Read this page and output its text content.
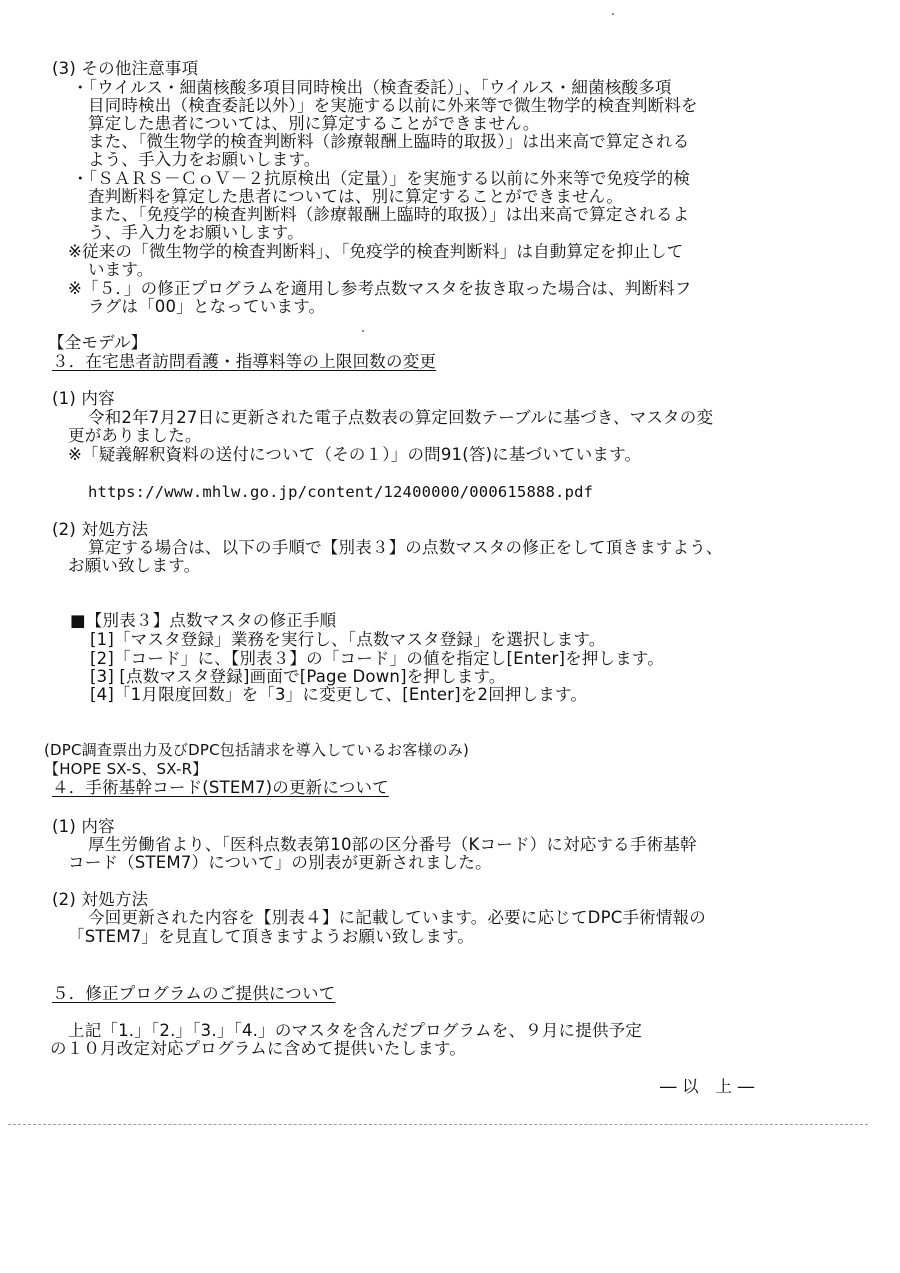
(3) その他注意事項
・「ウイルス・細菌核酸多項目同時検出（検査委託）」、「ウイルス・細菌核酸多項
目同時検出（検査委託以外）」を実施する以前に外来等で微生物学的検査判断料を
算定した患者については、別に算定することができません。
また、「微生物学的検査判断料（診療報酬上臨時的取扱）」は出来高で算定される
よう、手入力をお願いします。
・「ＳＡＲＳ－ＣｏＶ－２抗原検出（定量）」を実施する以前に外来等で免疫学的検
査判断料を算定した患者については、別に算定することができません。
また、「免疫学的検査判断料（診療報酬上臨時的取扱）」は出来高で算定されるよ
う、手入力をお願いします。
※従来の「微生物学的検査判断料」、「免疫学的検査判断料」は自動算定を抑止して
います。
※「５．」の修正プログラムを適用し参考点数マスタを抜き取った場合は、判断料フ
ラグは「00」となっています。
【全モデル】
３．在宅患者訪問看護・指導料等の上限回数の変更
(1) 内容
令和2年7月27日に更新された電子点数表の算定回数テーブルに基づき、マスタの変
更がありました。
※「疑義解釈資料の送付について（その１）」の問91(答)に基づいています。
https://www.mhlw.go.jp/content/12400000/000615888.pdf
(2) 対処方法
算定する場合は、以下の手順で【別表３】の点数マスタの修正をして頂きますよう、
お願い致します。
■【別表３】点数マスタの修正手順
[1]「マスタ登録」業務を実行し、「点数マスタ登録」を選択します。
[2]「コード」に、【別表３】の「コード」の値を指定し[Enter]を押します。
[3] [点数マスタ登録]画面で[Page Down]を押します。
[4]「1月限度回数」を「3」に変更して、[Enter]を2回押します。
(DPC調査票出力及びDPC包括請求を導入しているお客様のみ)
【HOPE SX-S、SX-R】
４．手術基幹コード(STEM7)の更新について
(1) 内容
厚生労働省より、「医科点数表第10部の区分番号（Kコード）に対応する手術基幹
コード（STEM7）について」の別表が更新されました。
(2) 対処方法
今回更新された内容を【別表４】に記載しています。必要に応じてDPC手術情報の
「STEM7」を見直して頂きますようお願い致します。
５．修正プログラムのご提供について
上記「1.」「2.」「3.」「4.」のマスタを含んだプログラムを、９月に提供予定
の１０月改定対応プログラムに含めて提供いたします。
― 以　上 ―
